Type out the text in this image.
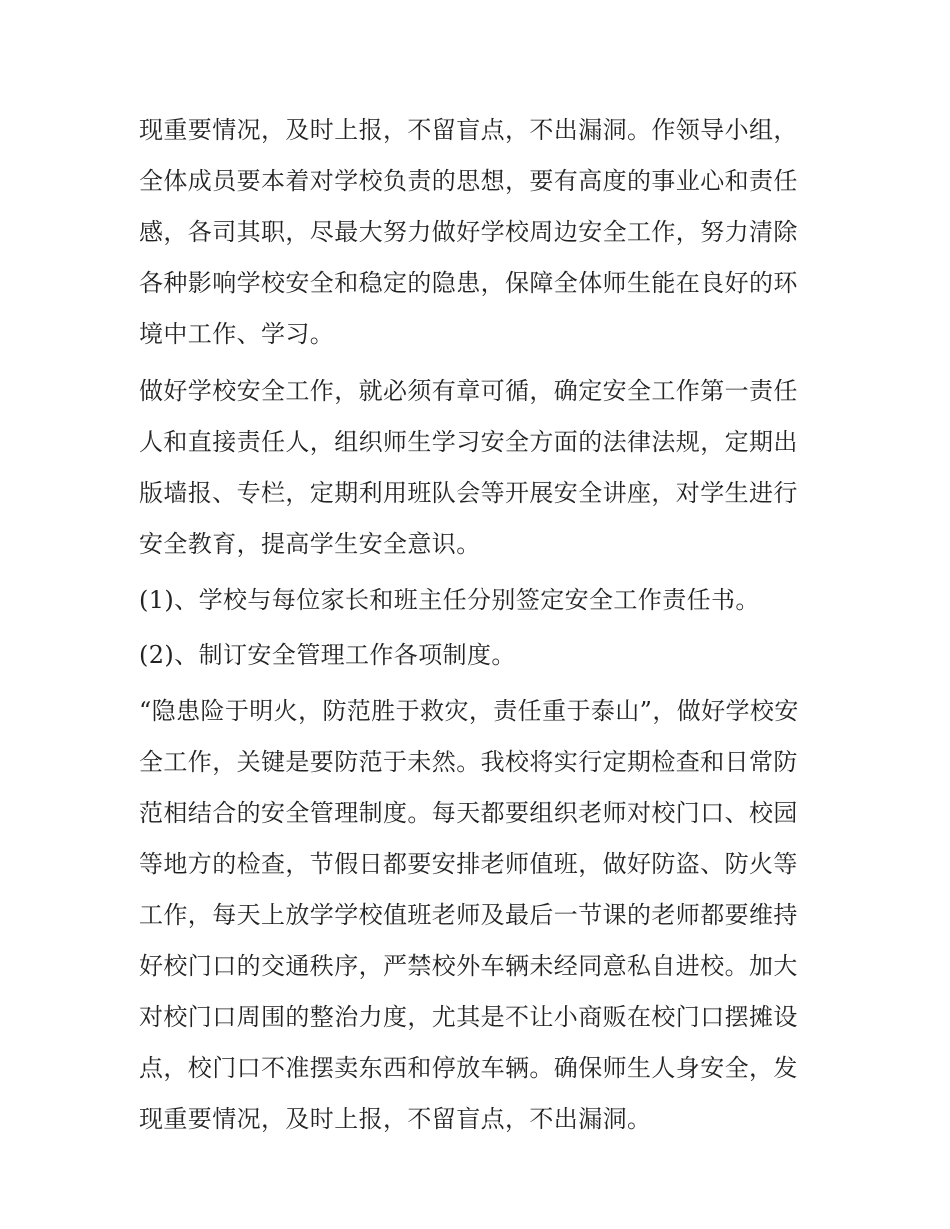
现重要情况，及时上报，不留盲点，不出漏洞。作领导小组，
全体成员要本着对学校负责的思想，要有高度的事业心和责任
感，各司其职，尽最大努力做好学校周边安全工作，努力清除
各种影响学校安全和稳定的隐患，保障全体师生能在良好的环
境中工作、学习。
做好学校安全工作，就必须有章可循，确定安全工作第一责任
人和直接责任人，组织师生学习安全方面的法律法规，定期出
版墙报、专栏，定期利用班队会等开展安全讲座，对学生进行
安全教育，提高学生安全意识。
(1)、学校与每位家长和班主任分别签定安全工作责任书。
(2)、制订安全管理工作各项制度。
“隐患险于明火，防范胜于救灾，责任重于泰山”，做好学校安
全工作，关键是要防范于未然。我校将实行定期检查和日常防
范相结合的安全管理制度。每天都要组织老师对校门口、校园
等地方的检查，节假日都要安排老师值班，做好防盗、防火等
工作，每天上放学学校值班老师及最后一节课的老师都要维持
好校门口的交通秩序，严禁校外车辆未经同意私自进校。加大
对校门口周围的整治力度，尤其是不让小商贩在校门口摆摊设
点，校门口不准摆卖东西和停放车辆。确保师生人身安全，发
现重要情况，及时上报，不留盲点，不出漏洞。
